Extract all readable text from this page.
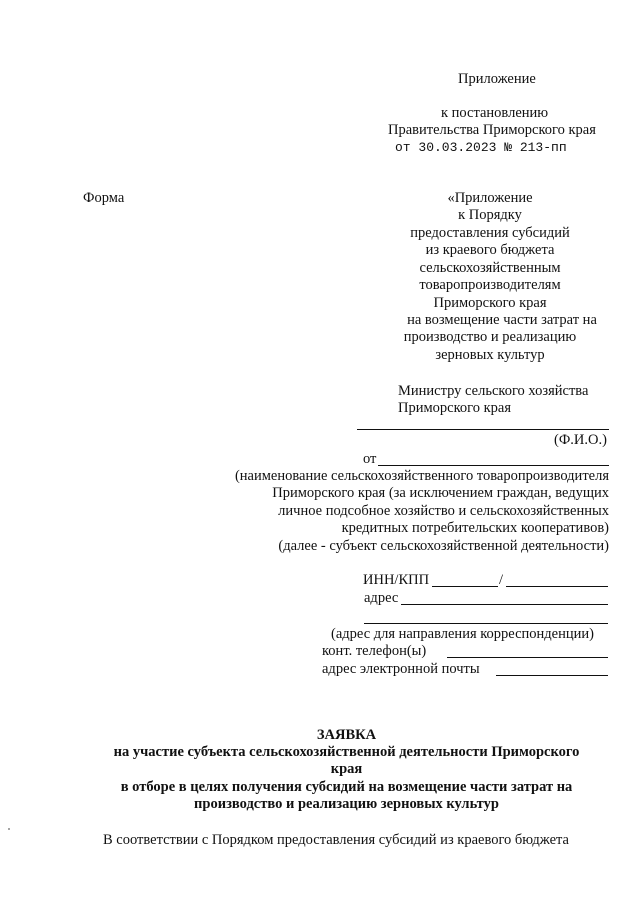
Приложение
к постановлению
Правительства Приморского края
от 30.03.2023 № 213-пп
Форма	«Приложение
к Порядку
предоставления субсидий
из краевого бюджета
сельскохозяйственным
товаропроизводителям
Приморского края
на возмещение части затрат на
производство и реализацию
зерновых культур
Министру сельского хозяйства
Приморского края
(Ф.И.О.)
от
(наименование сельскохозяйственного товаропроизводителя
Приморского края (за исключением граждан, ведущих
личное подсобное хозяйство и сельскохозяйственных
кредитных потребительских кооперативов)
(далее - субъект сельскохозяйственной деятельности)
ИНН/КПП	/
адрес
(адрес для направления корреспонденции)
конт. телефон(ы)
адрес электронной почты
ЗАЯВКА
на участие субъекта сельскохозяйственной деятельности Приморского
края
в отборе в целях получения субсидий на возмещение части затрат на
производство и реализацию зерновых культур
В соответствии с Порядком предоставления субсидий из краевого бюджета
